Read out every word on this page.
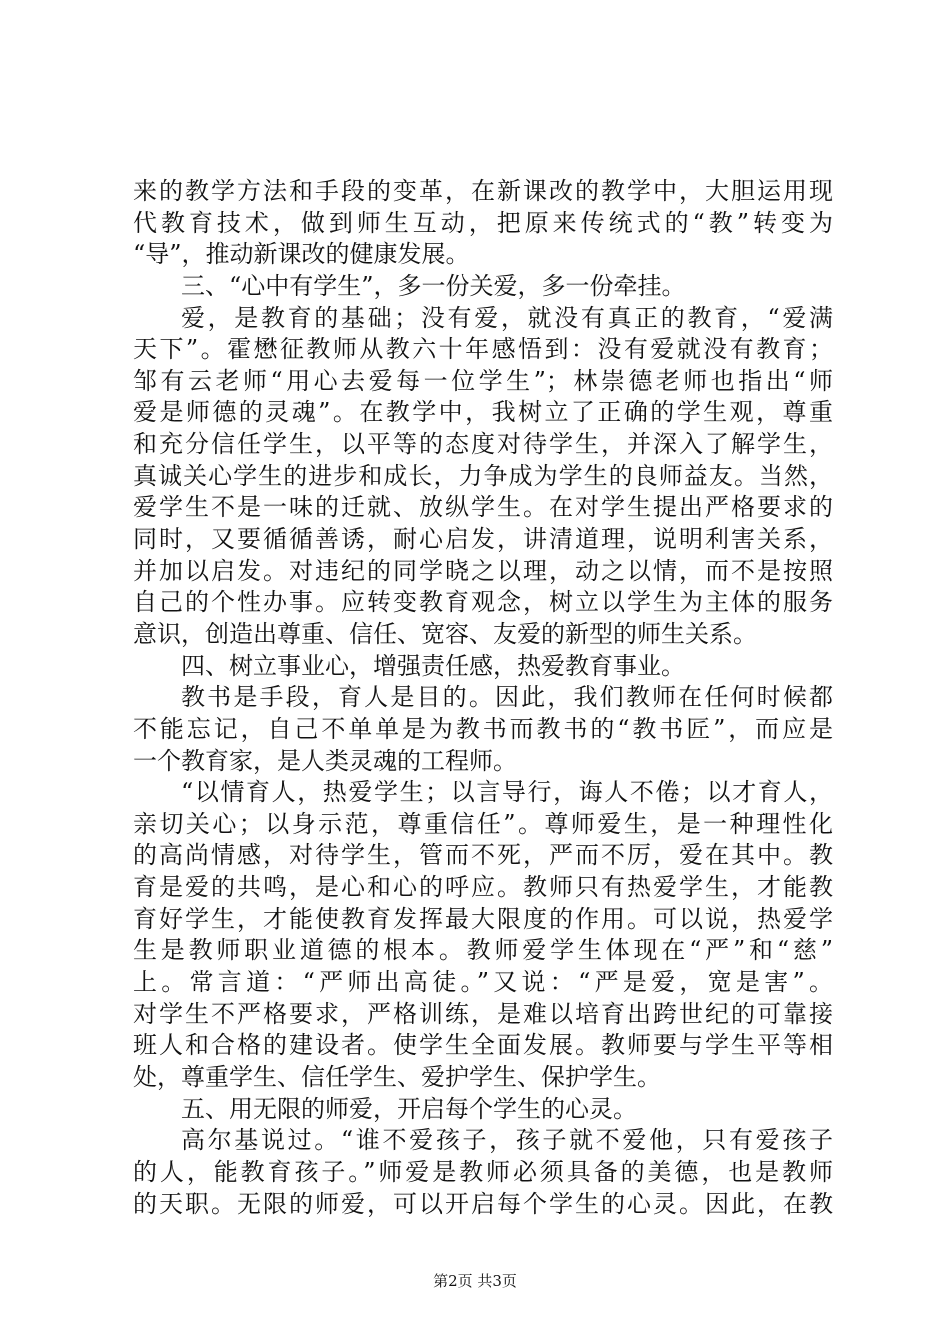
来的教学方法和手段的变革，在新课改的教学中，大胆运用现
代教育技术，做到师生互动，把原来传统式的“教”转变为
“导”，推动新课改的健康发展。
三、“心中有学生”，多一份关爱，多一份牵挂。
爱，是教育的基础；没有爱，就没有真正的教育，“爱满
天下”。霍懋征教师从教六十年感悟到：没有爱就没有教育；
邹有云老师“用心去爱每一位学生”；林崇德老师也指出“师
爱是师德的灵魂”。在教学中，我树立了正确的学生观，尊重
和充分信任学生，以平等的态度对待学生，并深入了解学生，
真诚关心学生的进步和成长，力争成为学生的良师益友。当然，
爱学生不是一味的迁就、放纵学生。在对学生提出严格要求的
同时，又要循循善诱，耐心启发，讲清道理，说明利害关系，
并加以启发。对违纪的同学晓之以理，动之以情，而不是按照
自己的个性办事。应转变教育观念，树立以学生为主体的服务
意识，创造出尊重、信任、宽容、友爱的新型的师生关系。
四、树立事业心，增强责任感，热爱教育事业。
教书是手段，育人是目的。因此，我们教师在任何时候都
不能忘记，自己不单单是为教书而教书的“教书匠”，而应是
一个教育家，是人类灵魂的工程师。
“以情育人，热爱学生；以言导行，诲人不倦；以才育人，
亲切关心；以身示范，尊重信任”。尊师爱生，是一种理性化
的高尚情感，对待学生，管而不死，严而不厉，爱在其中。教
育是爱的共鸣，是心和心的呼应。教师只有热爱学生，才能教
育好学生，才能使教育发挥最大限度的作用。可以说，热爱学
生是教师职业道德的根本。教师爱学生体现在“严”和“慈”
上。常言道：“严师出高徒。”又说：“严是爱，宽是害”。
对学生不严格要求，严格训练，是难以培育出跨世纪的可靠接
班人和合格的建设者。使学生全面发展。教师要与学生平等相
处，尊重学生、信任学生、爱护学生、保护学生。
五、用无限的师爱，开启每个学生的心灵。
高尔基说过。“谁不爱孩子，孩子就不爱他，只有爱孩子
的人，能教育孩子。”师爱是教师必须具备的美德，也是教师
的天职。无限的师爱，可以开启每个学生的心灵。因此，在教
第2页 共3页
